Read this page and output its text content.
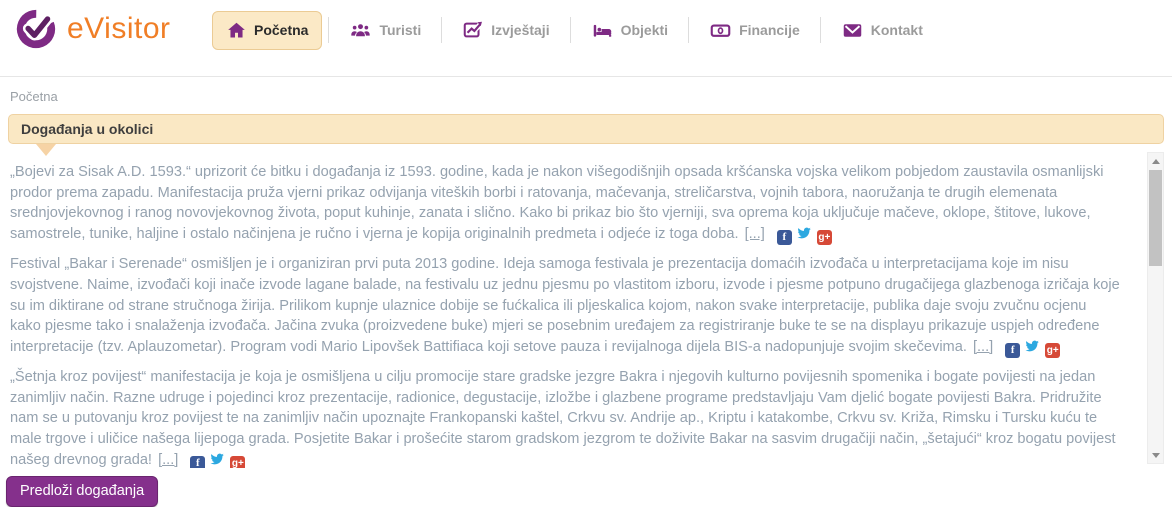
eVisitor	Početna	Turisti	Izvještaji	Objekti	Financije	Kontakt
Početna
Događanja u okolici

„Bojevi za Sisak A.D. 1593.“ uprizorit će bitku i događanja iz 1593. godine, kada je nakon višegodišnjih opsada kršćanska vojska velikom pobjedom zaustavila osmanlijski prodor prema zapadu. Manifestacija pruža vjerni prikaz odvijanja viteških borbi i ratovanja, mačevanja, streličarstva, vojnih tabora, naoružanja te drugih elemenata srednjovjekovnog i ranog novovjekovnog života, poput kuhinje, zanata i slično. Kako bi prikaz bio što vjerniji, sva oprema koja uključuje mačeve, oklope, štitove, lukove, samostrele, tunike, haljine i ostalo načinjena je ručno i vjerna je kopija originalnih predmeta i odjeće iz toga doba. [...]f
g+

Festival „Bakar i Serenade“ osmišljen je i organiziran prvi puta 2013 godine. Ideja samoga festivala je prezentacija domaćih izvođača u interpretacijama koje im nisu svojstvene. Naime, izvođači koji inače izvode lagane balade, na festivalu uz jednu pjesmu po vlastitom izboru, izvode i pjesme potpuno drugačijega glazbenoga izričaja koje su im diktirane od strane stručnoga žirija. Prilikom kupnje ulaznice dobije se fućkalica ili pljeskalica kojom, nakon svake interpretacije, publika daje svoju zvučnu ocjenu kako pjesme tako i snalaženja izvođača. Jačina zvuka (proizvedene buke) mjeri se posebnim uređajem za registriranje buke te se na displayu prikazuje uspjeh određene interpretacije (tzv. Aplauzometar). Program vodi Mario Lipovšek Battifiaca koji setove pauza i revijalnoga dijela BIS-a nadopunjuje svojim skečevima. [...]f
g+

„Šetnja kroz povijest“ manifestacija je koja je osmišljena u cilju promocije stare gradske jezgre Bakra i njegovih kulturno povijesnih spomenika i bogate povijesti na jedan zanimljiv način. Razne udruge i pojedinci kroz prezentacije, radionice, degustacije, izložbe i glazbene programe predstavljaju Vam djelić bogate povijesti Bakra. Pridružite nam se u putovanju kroz povijest te na zanimljiv način upoznajte Frankopanski kaštel, Crkvu sv. Andrije ap., Kriptu i katakombe, Crkvu sv. Križa, Rimsku i Tursku kuću te male trgove i uličice našega lijepoga grada. Posjetite Bakar i prošećite starom gradskom jezgrom te doživite Bakar na sasvim drugačiji način, „šetajući“ kroz bogatu povijest našeg drevnog grada! [...]f
g+

Predloži događanja
